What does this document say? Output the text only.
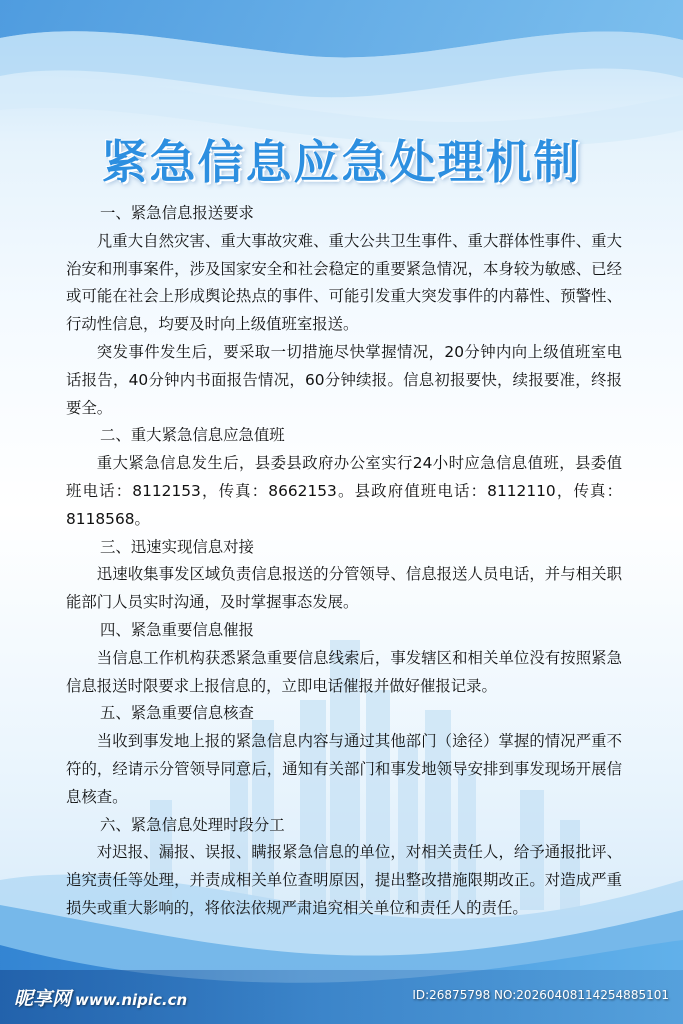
紧急信息应急处理机制

一、紧急信息报送要求

凡重大自然灾害、重大事故灾难、重大公共卫生事件、重大群体性事件、重大治安和刑事案件，涉及国家安全和社会稳定的重要紧急情况，本身较为敏感、已经或可能在社会上形成舆论热点的事件、可能引发重大突发事件的内幕性、预警性、行动性信息，均要及时向上级值班室报送。

突发事件发生后，要采取一切措施尽快掌握情况，20分钟内向上级值班室电话报告，40分钟内书面报告情况，60分钟续报。信息初报要快，续报要准，终报要全。

二、重大紧急信息应急值班

重大紧急信息发生后，县委县政府办公室实行24小时应急信息值班，县委值班电话：8112153，传真：8662153。县政府值班电话：8112110，传真：8118568。

三、迅速实现信息对接

迅速收集事发区域负责信息报送的分管领导、信息报送人员电话，并与相关职能部门人员实时沟通，及时掌握事态发展。

四、紧急重要信息催报

当信息工作机构获悉紧急重要信息线索后，事发辖区和相关单位没有按照紧急信息报送时限要求上报信息的，立即电话催报并做好催报记录。

五、紧急重要信息核查

当收到事发地上报的紧急信息内容与通过其他部门（途径）掌握的情况严重不符的，经请示分管领导同意后，通知有关部门和事发地领导安排到事发现场开展信息核查。

六、紧急信息处理时段分工

对迟报、漏报、误报、瞒报紧急信息的单位，对相关责任人，给予通报批评、追究责任等处理，并责成相关单位查明原因，提出整改措施限期改正。对造成严重损失或重大影响的，将依法依规严肃追究相关单位和责任人的责任。

昵享网 www.nipic.cn	ID:26875798 NO:20260408114254885101
